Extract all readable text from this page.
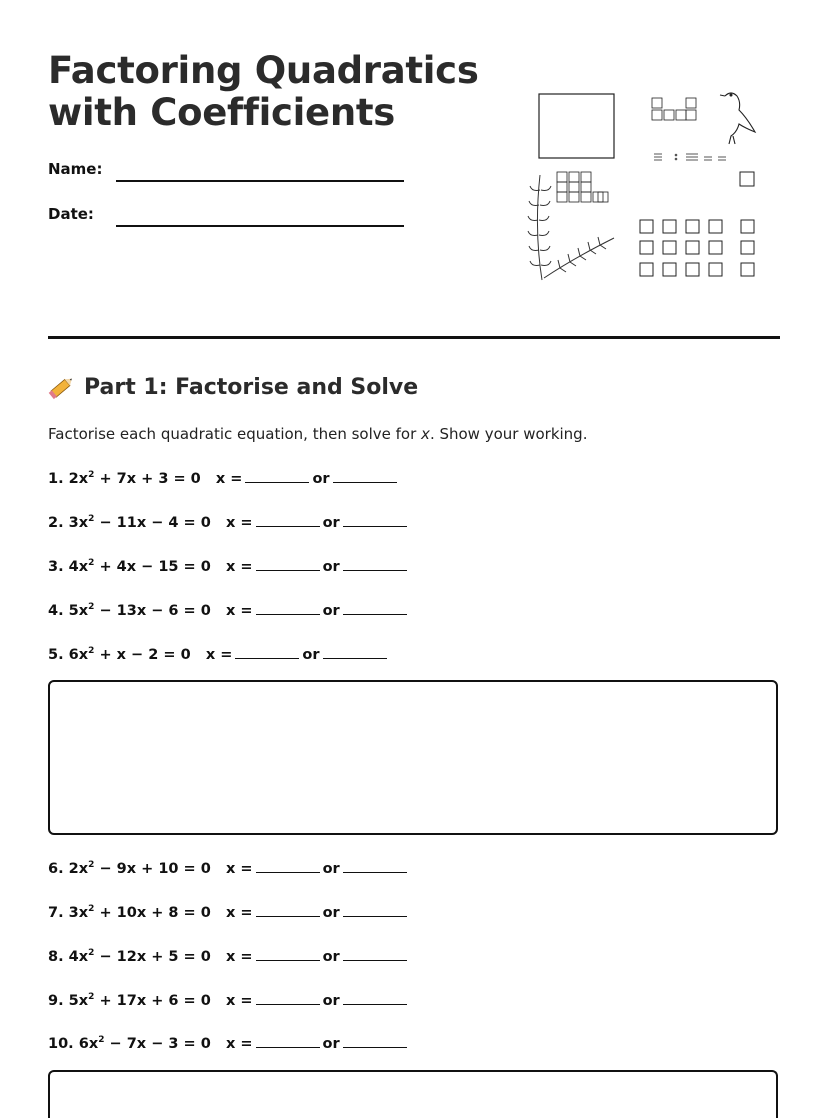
Factoring Quadratics
with Coefficients
Name:
Date:
Part 1: Factorise and Solve
Factorise each quadratic equation, then solve for x. Show your working.
1. $2x^2 + 7x + 3 = 0$ x =	or
2. $3x^2 - 11x - 4 = 0$ x =	or
3. $4x^2 + 4x - 15 = 0$ x =	or
4. $5x^2 - 13x - 6 = 0$ x =	or
5. $6x^2 + x - 2 = 0$ x =	or
6. $2x^2 - 9x + 10 = 0$ x =	or
7. $3x^2 + 10x + 8 = 0$ x =	or
8. $4x^2 - 12x + 5 = 0$ x =	or
9. $5x^2 + 17x + 6 = 0$ x =	or
10. $6x^2 - 7x - 3 = 0$ x =	or
